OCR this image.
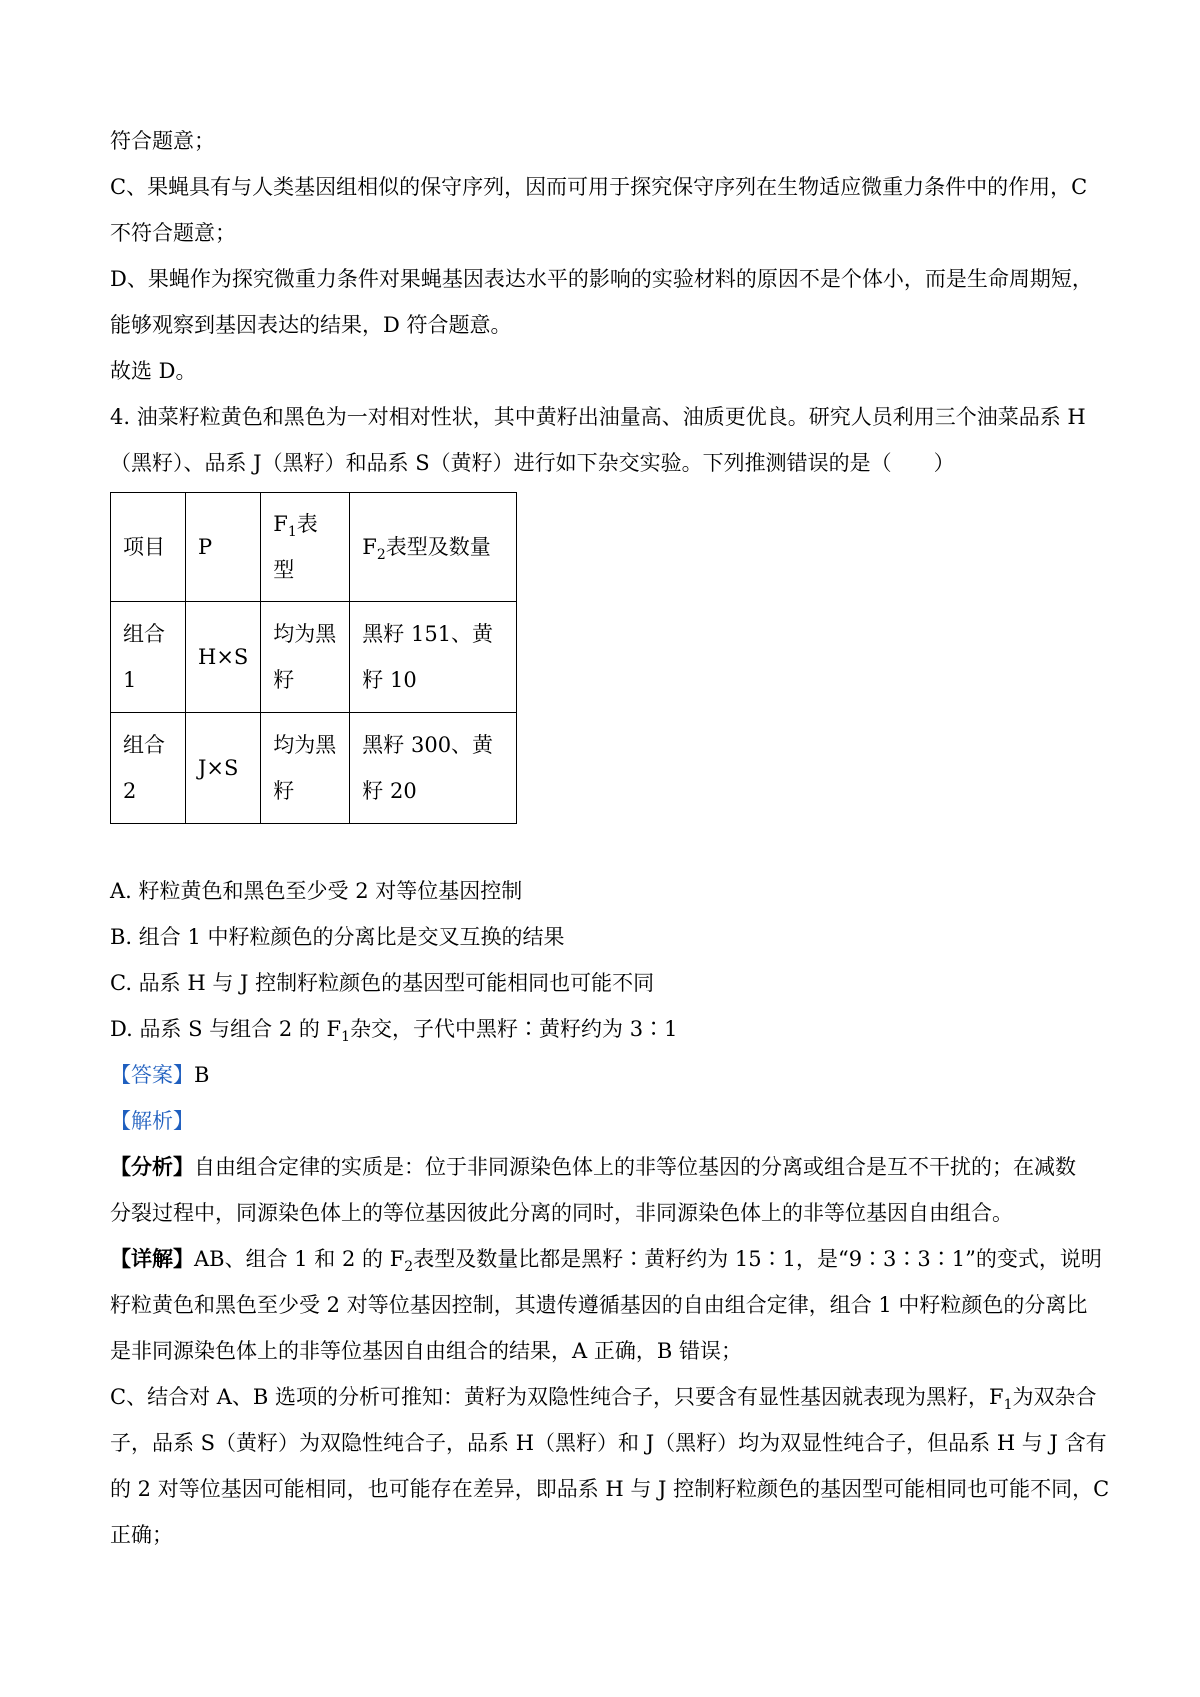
符合题意；
C、果蝇具有与人类基因组相似的保守序列，因而可用于探究保守序列在生物适应微重力条件中的作用，C
不符合题意；
D、果蝇作为探究微重力条件对果蝇基因表达水平的影响的实验材料的原因不是个体小，而是生命周期短，
能够观察到基因表达的结果，D 符合题意。
故选 D。
4. 油菜籽粒黄色和黑色为一对相对性状，其中黄籽出油量高、油质更优良。研究人员利用三个油菜品系 H
（黑籽）、品系 J（黑籽）和品系 S（黄籽）进行如下杂交实验。下列推测错误的是（　　）
项目	P	$F_1$表型	$F_2$表型及数量
组合 1	H×S	均为黑籽	黑籽 151、黄籽 10
组合 2	J×S	均为黑籽	黑籽 300、黄籽 20
A. 籽粒黄色和黑色至少受 2 对等位基因控制
B. 组合 1 中籽粒颜色的分离比是交叉互换的结果
C. 品系 H 与 J 控制籽粒颜色的基因型可能相同也可能不同
D. 品系 S 与组合 2 的 $F_1$杂交，子代中黑籽∶黄籽约为 3∶1
【答案】B
【解析】
【分析】自由组合定律的实质是：位于非同源染色体上的非等位基因的分离或组合是互不干扰的；在减数
分裂过程中，同源染色体上的等位基因彼此分离的同时，非同源染色体上的非等位基因自由组合。
【详解】AB、组合 1 和 2 的 $F_2$表型及数量比都是黑籽∶黄籽约为 15∶1，是“9∶3∶3∶1”的变式，说明
籽粒黄色和黑色至少受 2 对等位基因控制，其遗传遵循基因的自由组合定律，组合 1 中籽粒颜色的分离比
是非同源染色体上的非等位基因自由组合的结果，A 正确，B 错误；
C、结合对 A、B 选项的分析可推知：黄籽为双隐性纯合子，只要含有显性基因就表现为黑籽，$F_1$为双杂合
子，品系 S（黄籽）为双隐性纯合子，品系 H（黑籽）和 J（黑籽）均为双显性纯合子，但品系 H 与 J 含有
的 2 对等位基因可能相同，也可能存在差异，即品系 H 与 J 控制籽粒颜色的基因型可能相同也可能不同，C
正确；
